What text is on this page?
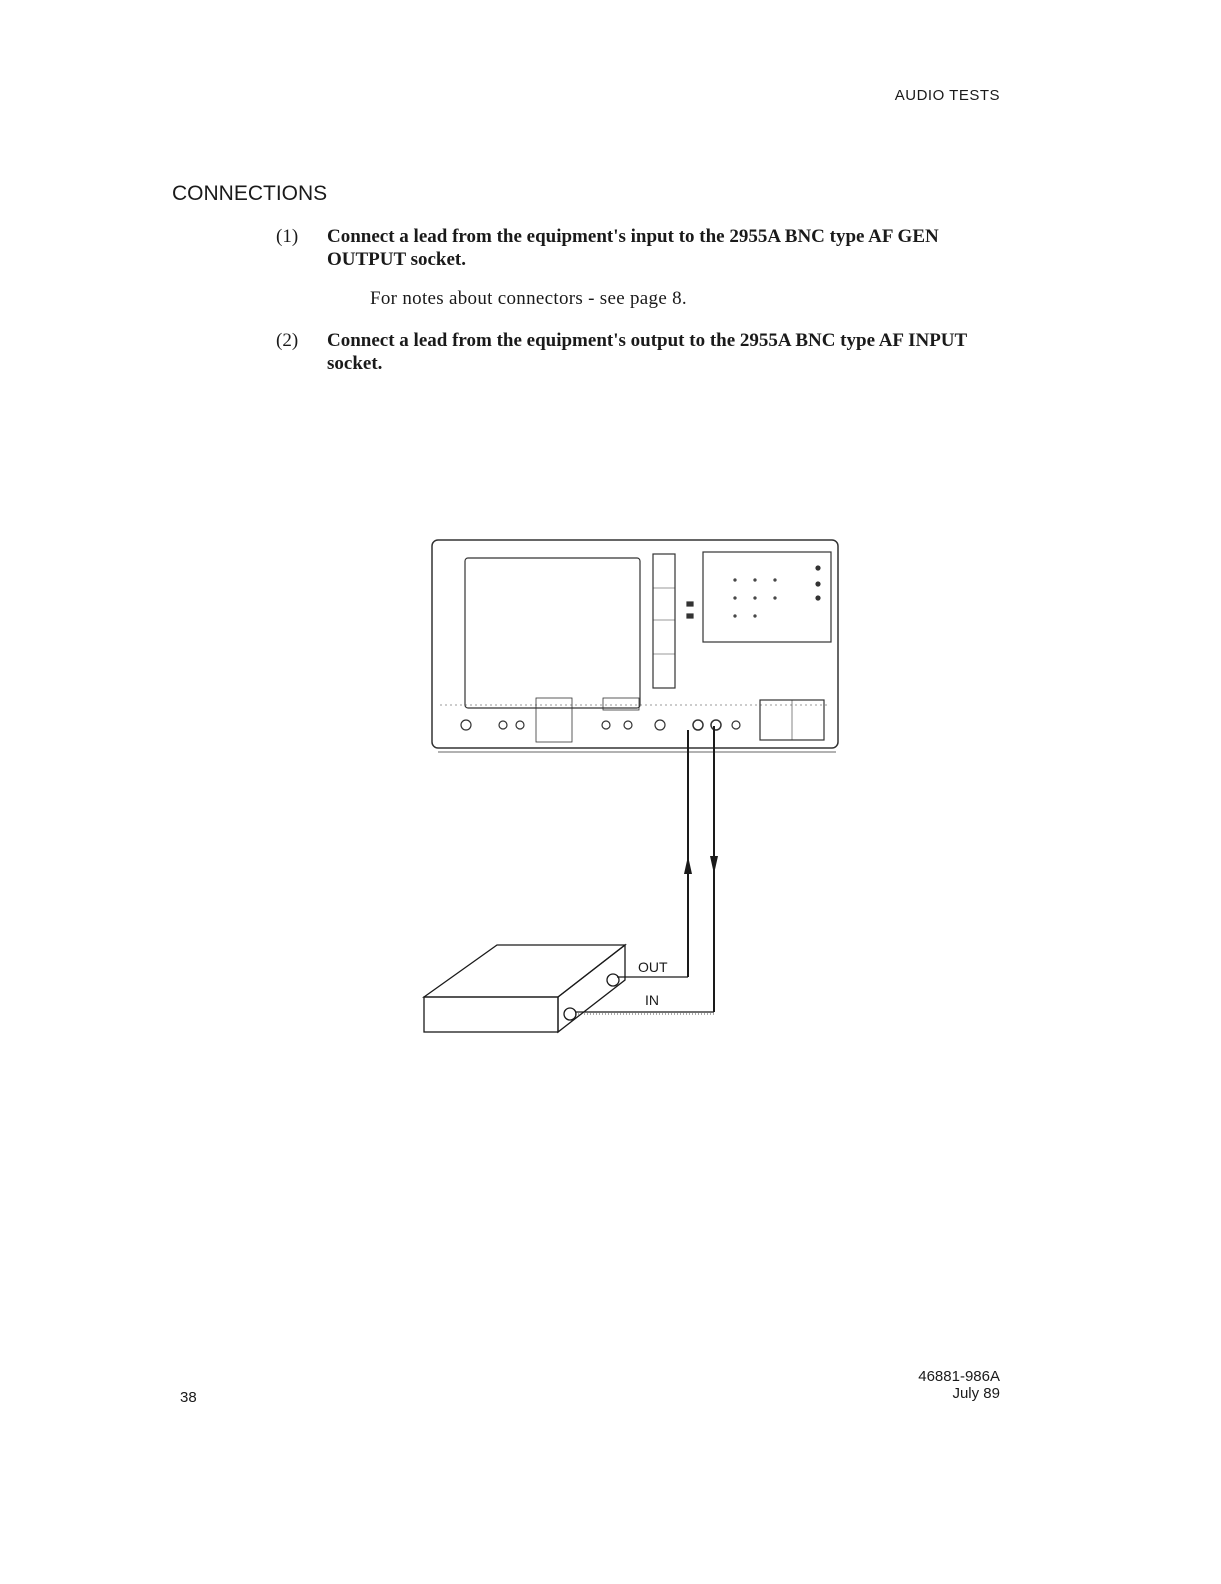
AUDIO TESTS
CONNECTIONS
(1) Connect a lead from the equipment's input to the 2955A BNC type AF GEN OUTPUT socket.
For notes about connectors - see page 8.
(2) Connect a lead from the equipment's output to the 2955A BNC type AF INPUT socket.
OUT
IN
38
46881-986A
July 89
